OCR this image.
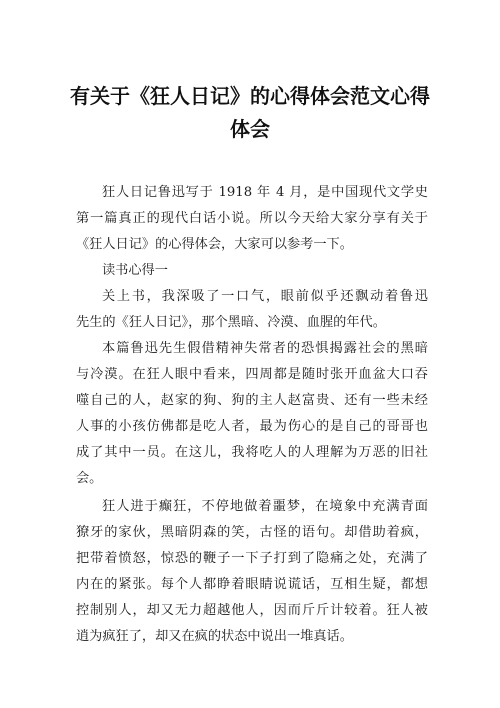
有关于《狂人日记》的心得体会范文心得
体会
狂人日记鲁迅写于 1918 年 4 月，是中国现代文学史
第一篇真正的现代白话小说。所以今天给大家分享有关于
《狂人日记》的心得体会，大家可以参考一下。
读书心得一
关上书，我深吸了一口气，眼前似乎还飘动着鲁迅
先生的《狂人日记》，那个黑暗、冷漠、血腥的年代。
本篇鲁迅先生假借精神失常者的恐惧揭露社会的黑暗
与冷漠。在狂人眼中看来，四周都是随时张开血盆大口吞
噬自己的人，赵家的狗、狗的主人赵富贵、还有一些未经
人事的小孩仿佛都是吃人者，最为伤心的是自己的哥哥也
成了其中一员。在这儿，我将吃人的人理解为万恶的旧社
会。
狂人进于癫狂，不停地做着噩梦，在境象中充满青面
獠牙的家伙，黑暗阴森的笑，古怪的语句。却借助着疯，
把带着愤怒，惊恐的鞭子一下子打到了隐痛之处，充满了
内在的紧张。每个人都睁着眼睛说谎话，互相生疑，都想
控制别人，却又无力超越他人，因而斤斤计较着。狂人被
逍为疯狂了，却又在疯的状态中说出一堆真话。
